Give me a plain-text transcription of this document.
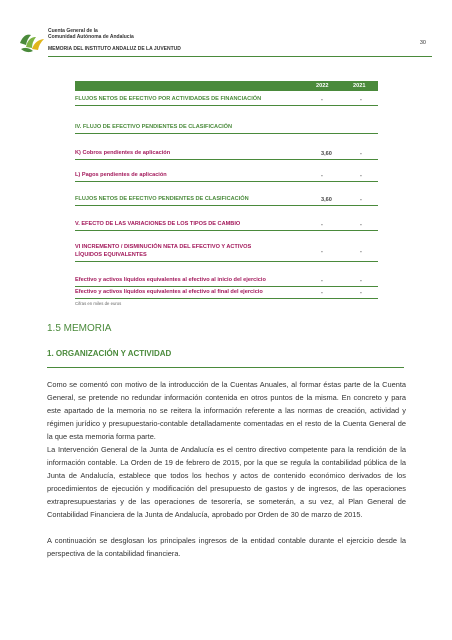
Cuenta General de la
Comunidad Autónoma de Andalucía
MEMORIA DEL INSTITUTO ANDALUZ DE LA JUVENTUD
30
2022	2021
FLUJOS NETOS DE EFECTIVO POR ACTIVIDADES DE FINANCIACIÓN	-	-
IV. FLUJO DE EFECTIVO PENDIENTES DE CLASIFICACIÓN
K) Cobros pendientes de aplicación	3,60	-
L) Pagos pendientes de aplicación	-	-
FLUJOS NETOS DE EFECTIVO PENDIENTES DE CLASIFICACIÓN	3,60	-
V. EFECTO DE LAS VARIACIONES DE LOS TIPOS DE CAMBIO	-	-
VI INCREMENTO / DISMINUCIÓN NETA DEL EFECTIVO Y ACTIVOS
LÍQUIDOS EQUIVALENTES	-	-
Efectivo y activos líquidos equivalentes al efectivo al inicio del ejercicio	-	-
Efectivo y activos líquidos equivalentes al efectivo al final del ejercicio	-	-
Cifras en miles de euros
1.5 MEMORIA
1. ORGANIZACIÓN Y ACTIVIDAD

Como se comentó con motivo de la introducción de la Cuentas Anuales, al formar éstas parte de la Cuenta General, se pretende no redundar información contenida en otros puntos de la misma. En concreto y para este apartado de la memoria no se reitera la información referente a las normas de creación, actividad y régimen jurídico y presupuestario-contable detalladamente comentadas en el resto de la Cuenta General de la que esta memoria forma parte.

La Intervención General de la Junta de Andalucía es el centro directivo competente para la rendición de la información contable. La Orden de 19 de febrero de 2015, por la que se regula la contabilidad pública de la Junta de Andalucía, establece que todos los hechos y actos de contenido económico derivados de los procedimientos de ejecución y modificación del presupuesto de gastos y de ingresos, de las operaciones extrapresupuestarias y de las operaciones de tesorería, se someterán, a su vez, al Plan General de Contabilidad Financiera de la Junta de Andalucía, aprobado por Orden de 30 de marzo de 2015.

A continuación se desglosan los principales ingresos de la entidad contable durante el ejercicio desde la perspectiva de la contabilidad financiera.
